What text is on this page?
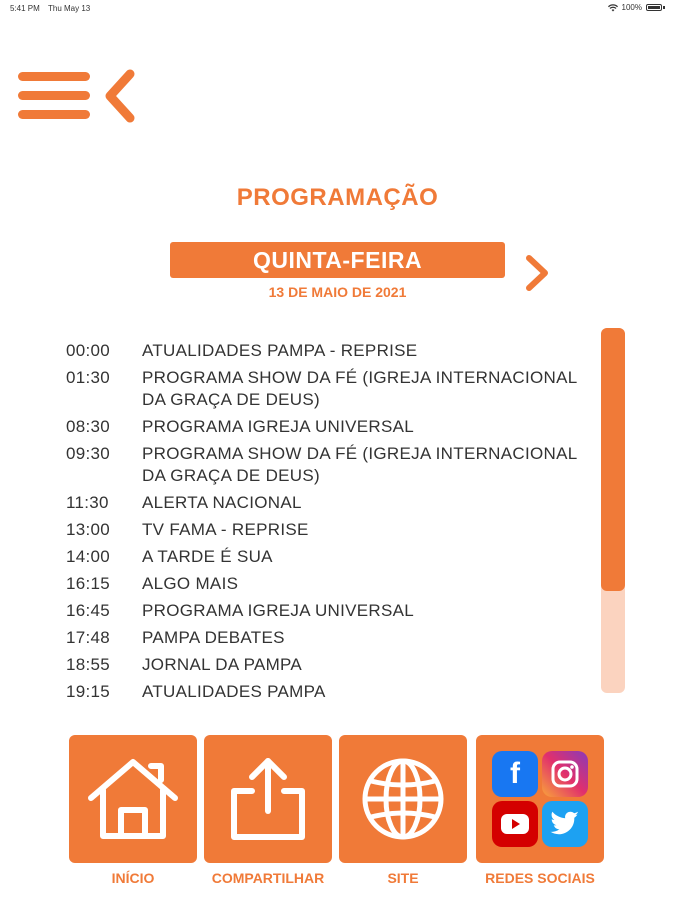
5:41 PM Thu May 13	100%
PROGRAMAÇÃO
QUINTA-FEIRA
13 DE MAIO DE 2021
00:00	ATUALIDADES PAMPA - REPRISE
01:30	PROGRAMA SHOW DA FÉ (IGREJA INTERNACIONAL DA GRAÇA DE DEUS)
08:30	PROGRAMA IGREJA UNIVERSAL
09:30	PROGRAMA SHOW DA FÉ (IGREJA INTERNACIONAL DA GRAÇA DE DEUS)
11:30	ALERTA NACIONAL
13:00	TV FAMA - REPRISE
14:00	A TARDE É SUA
16:15	ALGO MAIS
16:45	PROGRAMA IGREJA UNIVERSAL
17:48	PAMPA DEBATES
18:55	JORNAL DA PAMPA
19:15	ATUALIDADES PAMPA
INÍCIO	COMPARTILHAR	SITE
f
REDES SOCIAIS
